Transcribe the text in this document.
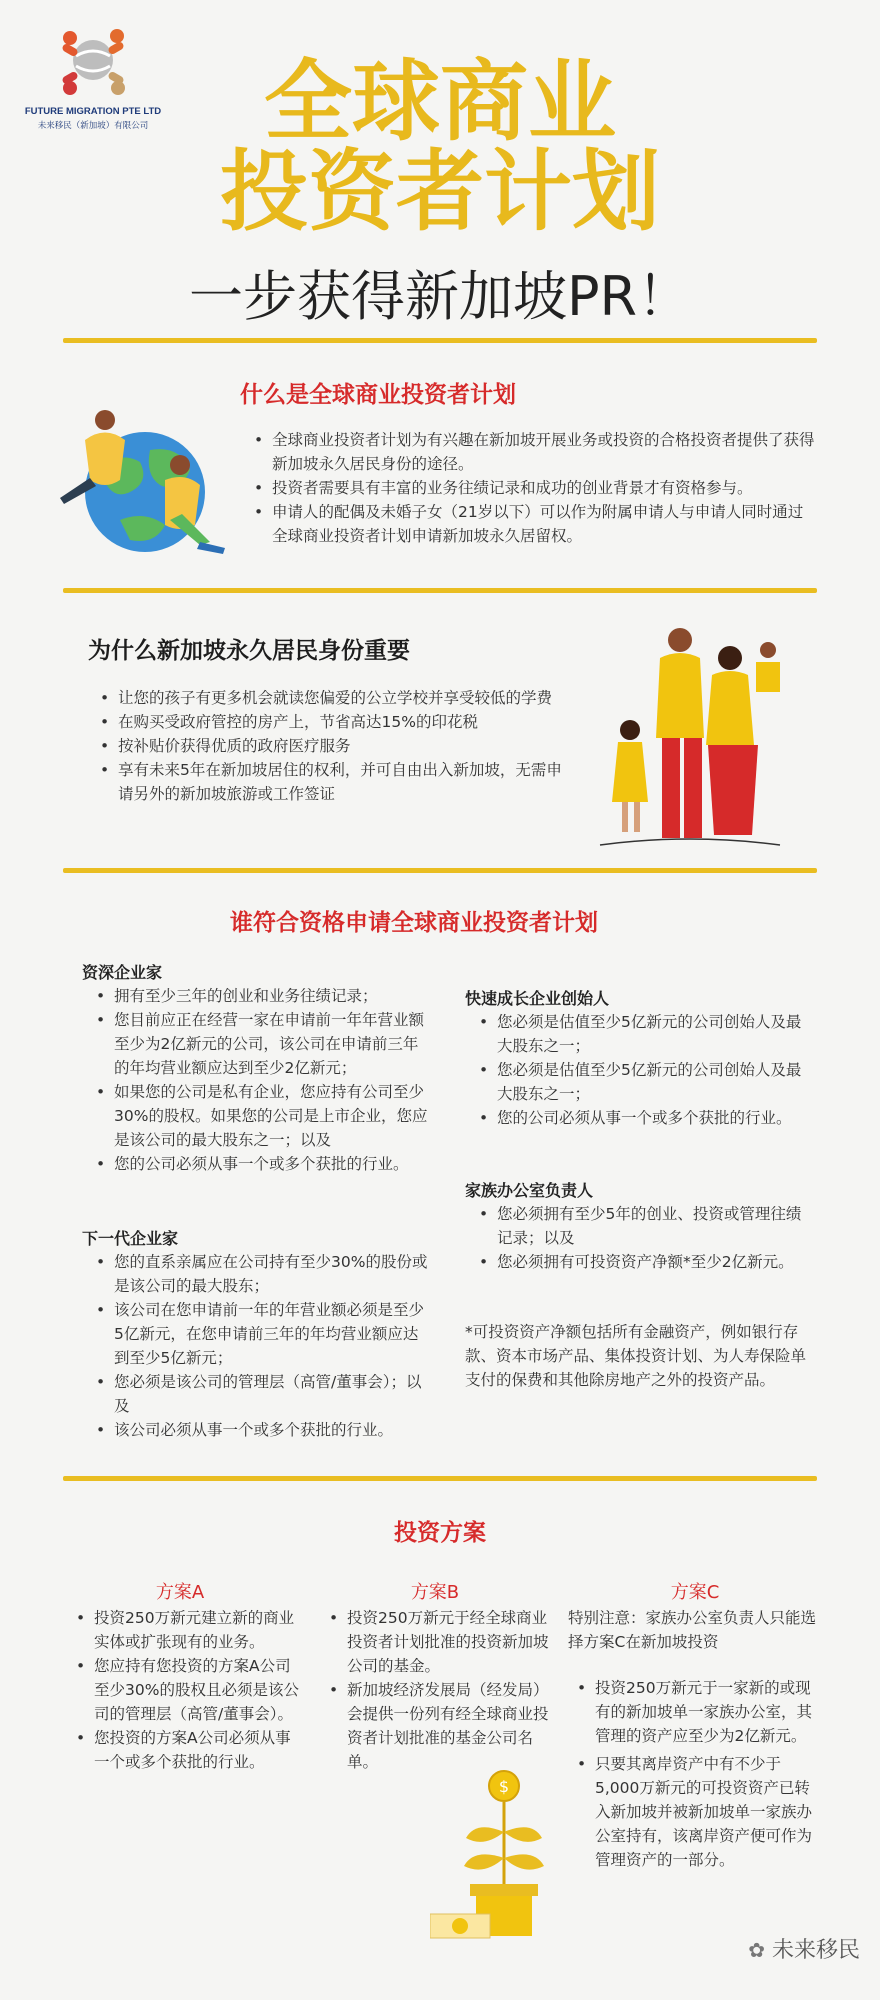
FUTURE MIGRATION PTE LTD
未来移民（新加坡）有限公司	全球商业
投资者计划
一步获得新加坡PR！
什么是全球商业投资者计划
• 全球商业投资者计划为有兴趣在新加坡开展业务或投资的合格投资者提供了获得新加坡永久居民身份的途径。
• 投资者需要具有丰富的业务往绩记录和成功的创业背景才有资格参与。
• 申请人的配偶及未婚子女（21岁以下）可以作为附属申请人与申请人同时通过全球商业投资者计划申请新加坡永久居留权。
为什么新加坡永久居民身份重要
• 让您的孩子有更多机会就读您偏爱的公立学校并享受较低的学费
• 在购买受政府管控的房产上，节省高达15%的印花税
• 按补贴价获得优质的政府医疗服务
• 享有未来5年在新加坡居住的权利，并可自由出入新加坡，无需申请另外的新加坡旅游或工作签证
谁符合资格申请全球商业投资者计划
资深企业家
• 拥有至少三年的创业和业务往绩记录；
• 您目前应正在经营一家在申请前一年年营业额至少为2亿新元的公司，该公司在申请前三年的年均营业额应达到至少2亿新元；
• 如果您的公司是私有企业，您应持有公司至少30%的股权。如果您的公司是上市企业，您应是该公司的最大股东之一；以及
• 您的公司必须从事一个或多个获批的行业。
下一代企业家
• 您的直系亲属应在公司持有至少30%的股份或是该公司的最大股东；
• 该公司在您申请前一年的年营业额必须是至少5亿新元，在您申请前三年的年均营业额应达到至少5亿新元；
• 您必须是该公司的管理层（高管/董事会）；以及
• 该公司必须从事一个或多个获批的行业。
快速成长企业创始人
• 您必须是估值至少5亿新元的公司创始人及最大股东之一；
• 您必须是估值至少5亿新元的公司创始人及最大股东之一；
• 您的公司必须从事一个或多个获批的行业。
家族办公室负责人
• 您必须拥有至少5年的创业、投资或管理往绩记录；以及
• 您必须拥有可投资资产净额*至少2亿新元。
*可投资资产净额包括所有金融资产，例如银行存款、资本市场产品、集体投资计划、为人寿保险单支付的保费和其他除房地产之外的投资产品。
投资方案
方案A
• 投资250万新元建立新的商业实体或扩张现有的业务。
• 您应持有您投资的方案A公司至少30%的股权且必须是该公司的管理层（高管/董事会）。
• 您投资的方案A公司必须从事一个或多个获批的行业。
方案B
• 投资250万新元于经全球商业投资者计划批准的投资新加坡公司的基金。
• 新加坡经济发展局（经发局）会提供一份列有经全球商业投资者计划批准的基金公司名单。
$
方案C
特别注意：家族办公室负责人只能选择方案C在新加坡投资
• 投资250万新元于一家新的或现有的新加坡单一家族办公室，其管理的资产应至少为2亿新元。
• 只要其离岸资产中有不少于5,000万新元的可投资资产已转入新加坡并被新加坡单一家族办公室持有，该离岸资产便可作为管理资产的一部分。
✿ 未来移民
